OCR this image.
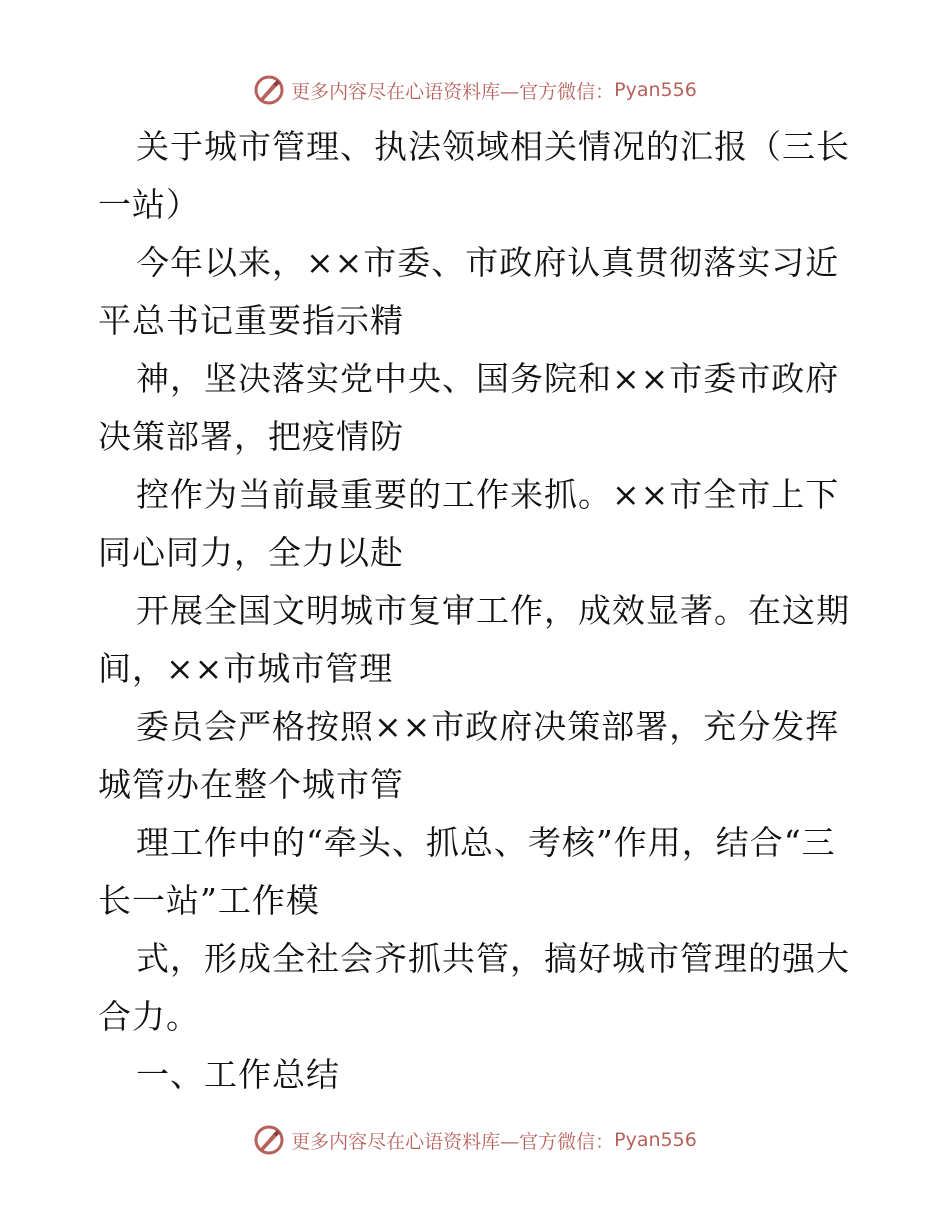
更多内容尽在心语资料库—官方微信： Pyan556

关于城市管理、执法领域相关情况的汇报（三长一站）

今年以来，××市委、市政府认真贯彻落实习近平总书记重要指示精

神，坚决落实党中央、国务院和××市委市政府决策部署，把疫情防

控作为当前最重要的工作来抓。××市全市上下同心同力，全力以赴

开展全国文明城市复审工作，成效显著。在这期间，××市城市管理

委员会严格按照××市政府决策部署，充分发挥城管办在整个城市管

理工作中的“牵头、抓总、考核”作用，结合“三长一站”工作模

式，形成全社会齐抓共管，搞好城市管理的强大合力。

一、工作总结

更多内容尽在心语资料库—官方微信： Pyan556
